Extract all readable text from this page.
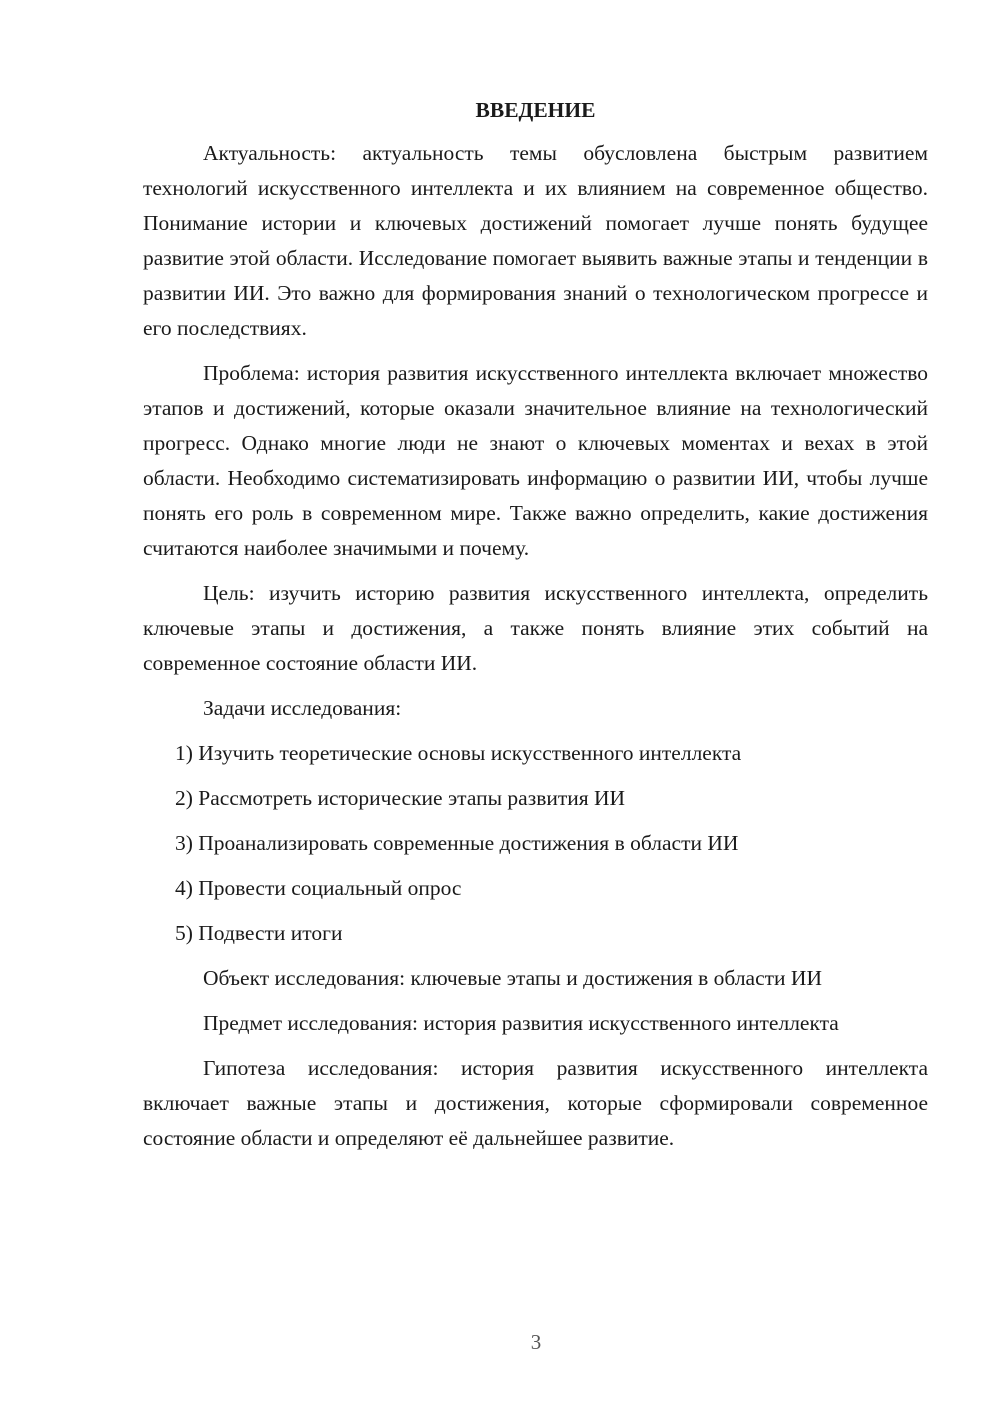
ВВЕДЕНИЕ

Актуальность: актуальность темы обусловлена быстрым развитием технологий искусственного интеллекта и их влиянием на современное общество. Понимание истории и ключевых достижений помогает лучше понять будущее развитие этой области. Исследование помогает выявить важные этапы и тенденции в развитии ИИ. Это важно для формирования знаний о технологическом прогрессе и его последствиях.

Проблема: история развития искусственного интеллекта включает множество этапов и достижений, которые оказали значительное влияние на технологический прогресс. Однако многие люди не знают о ключевых моментах и вехах в этой области. Необходимо систематизировать информацию о развитии ИИ, чтобы лучше понять его роль в современном мире. Также важно определить, какие достижения считаются наиболее значимыми и почему.

Цель: изучить историю развития искусственного интеллекта, определить ключевые этапы и достижения, а также понять влияние этих событий на современное состояние области ИИ.

Задачи исследования:
1) Изучить теоретические основы искусственного интеллекта
2) Рассмотреть исторические этапы развития ИИ
3) Проанализировать современные достижения в области ИИ
4) Провести социальный опрос
5) Подвести итоги

Объект исследования: ключевые этапы и достижения в области ИИ

Предмет исследования: история развития искусственного интеллекта

Гипотеза исследования: история развития искусственного интеллекта включает важные этапы и достижения, которые сформировали современное состояние области и определяют её дальнейшее развитие.

3
